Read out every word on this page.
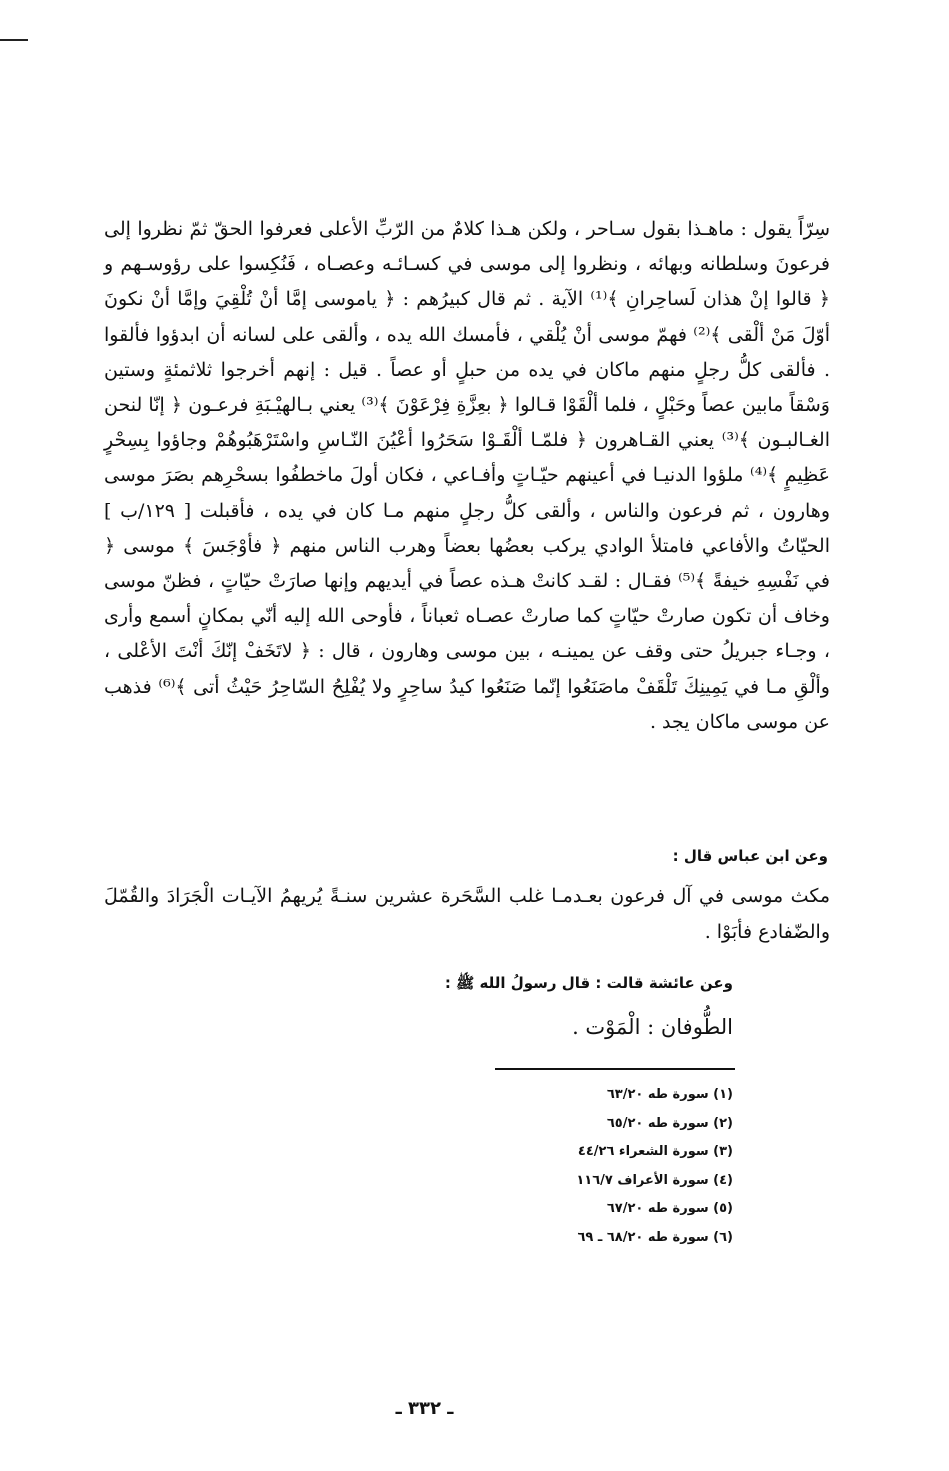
سِرّاً يقول : ماهـذا بقول سـاحر ، ولكن هـذا كلامٌ من الرّبِّ الأعلى فعرفوا الحقّ ثمّ نظروا إلى فرعونَ وسلطانه وبهائه ، ونظروا إلى موسى في كسـائـه وعصـاه ، فَنُكِسوا على رؤوسـهم و ﴿ قالوا إنْ هذان لَساحِرانِ ﴾⁽¹⁾ الآية . ثم قال كبيرُهم : ﴿ ياموسى إمَّا أنْ تُلْقِيَ وإمَّا أنْ نكونَ أوّلَ مَنْ ألْقى ﴾⁽²⁾ فهمّ موسى أنْ يُلْقي ، فأمسك الله يده ، وألقى على لسانه أن ابدؤوا فألقوا . فألقى كلُّ رجلٍ منهم ماكان في يده من حبلٍ أو عصاً . قيل : إنهم أخرجوا ثلاثمئةٍ وستين وَسْقاً مابين عصاً وحَبْلٍ ، فلما ألْقَوْا قـالوا ﴿ بعِزَّةِ فِرْعَوْنَ ﴾⁽³⁾ يعني بـالهيْـبَةِ فرعـون ﴿ إنّا لنحن الغـالبـون ﴾⁽³⁾ يعني القـاهرون ﴿ فلمّـا ألْقَـوْا سَحَرُوا أعْيُنَ النّـاسِ واسْتَرْهَبُوهُمْ وجاؤوا بِسِحْرٍ عَظِيمٍ ﴾⁽⁴⁾ ملؤوا الدنيـا في أعينهم حيّـاتٍ وأفـاعي ، فكان أولَ ماخطفُوا بسحْرِهم بصَرَ موسى وهارون ، ثم فرعون والناس ، وألقى كلُّ رجلٍ منهم مـا كان في يده ، فأقبلت [ ١٢٩/ب ] الحيّاتُ والأفاعي فامتلأ الوادي يركب بعضُها بعضاً وهرب الناس منهم ﴿ فأوْجَسَ ﴾ موسى ﴿ في نَفْسِهِ خيفةً ﴾⁽⁵⁾ فقـال : لقـد كانتْ هـذه عصاً في أيديهم وإنها صارَتْ حيّاتٍ ، فظنّ موسى وخاف أن تكون صارتْ حيّاتٍ كما صارتْ عصـاه ثعباناً ، فأوحى الله إليه أنّي بمكانٍ أسمع وأرى ، وجـاء جبريلُ حتى وقف عن يمينـه ، بين موسى وهارون ، قال : ﴿ لاتَخَفْ إنّكَ أنْتَ الأعْلى ، وألْقِ مـا في يَمِينِكَ تَلْقَفْ ماصَنَعُوا إنّما صَنَعُوا كيدُ ساحِرٍ ولا يُفْلِحُ السّاحِرُ حَيْثُ أتى ﴾⁽⁶⁾ فذهب عن موسى ماكان يجد .

وعن ابن عباس قال :

مكث موسى في آل فرعون بعـدمـا غلب السَّحَرة عشرين سنـةً يُريهمُ الآيـات الْجَرَادَ والقُمّلَ والضّفادع فأبَوْا .

وعن عائشة قالت : قال رسولُ الله ﷺ :

الطُّوفان : الْمَوْت .

(١) سورة طه ٦٣/٢٠
(٢) سورة طه ٦٥/٢٠
(٣) سورة الشعراء ٤٤/٢٦
(٤) سورة الأعراف ١١٦/٧
(٥) سورة طه ٦٧/٢٠
(٦) سورة طه ٦٨/٢٠ ـ ٦٩
ـ ٣٣٢ ـ
